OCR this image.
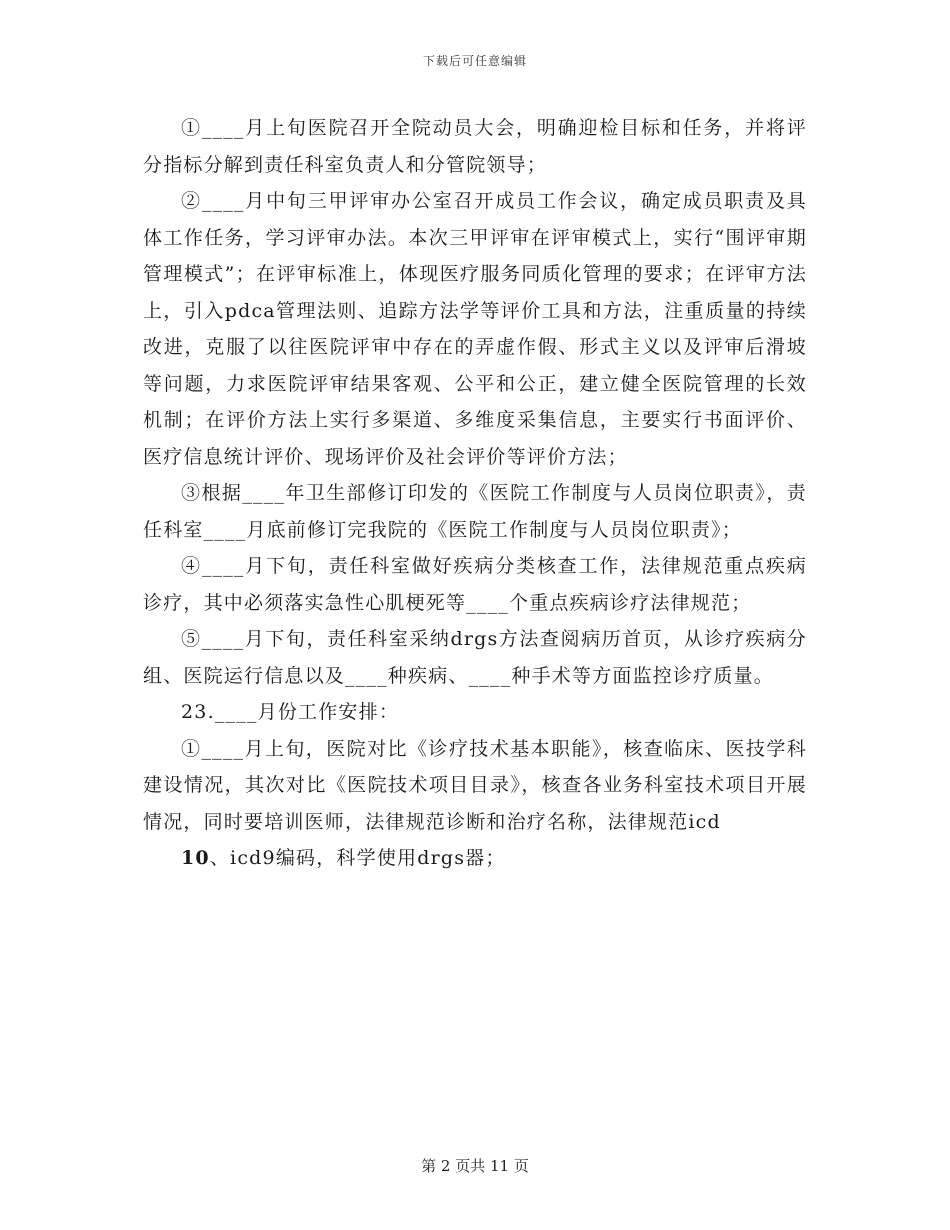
下载后可任意编辑

①____月上旬医院召开全院动员大会，明确迎检目标和任务，并将评分指标分解到责任科室负责人和分管院领导；

②____月中旬三甲评审办公室召开成员工作会议，确定成员职责及具体工作任务，学习评审办法。本次三甲评审在评审模式上，实行“围评审期管理模式”；在评审标准上，体现医疗服务同质化管理的要求；在评审方法上，引入pdca管理法则、追踪方法学等评价工具和方法，注重质量的持续改进，克服了以往医院评审中存在的弄虚作假、形式主义以及评审后滑坡等问题，力求医院评审结果客观、公平和公正，建立健全医院管理的长效机制；在评价方法上实行多渠道、多维度采集信息，主要实行书面评价、医疗信息统计评价、现场评价及社会评价等评价方法；

③根据____年卫生部修订印发的《医院工作制度与人员岗位职责》，责任科室____月底前修订完我院的《医院工作制度与人员岗位职责》；

④____月下旬，责任科室做好疾病分类核查工作，法律规范重点疾病诊疗，其中必须落实急性心肌梗死等____个重点疾病诊疗法律规范；

⑤____月下旬，责任科室采纳drgs方法查阅病历首页，从诊疗疾病分组、医院运行信息以及____种疾病、____种手术等方面监控诊疗质量。

23.____月份工作安排：

①____月上旬，医院对比《诊疗技术基本职能》，核查临床、医技学科建设情况，其次对比《医院技术项目目录》，核查各业务科室技术项目开展情况，同时要培训医师，法律规范诊断和治疗名称，法律规范icd

10、icd9编码，科学使用drgs器；

第 2 页共 11 页
